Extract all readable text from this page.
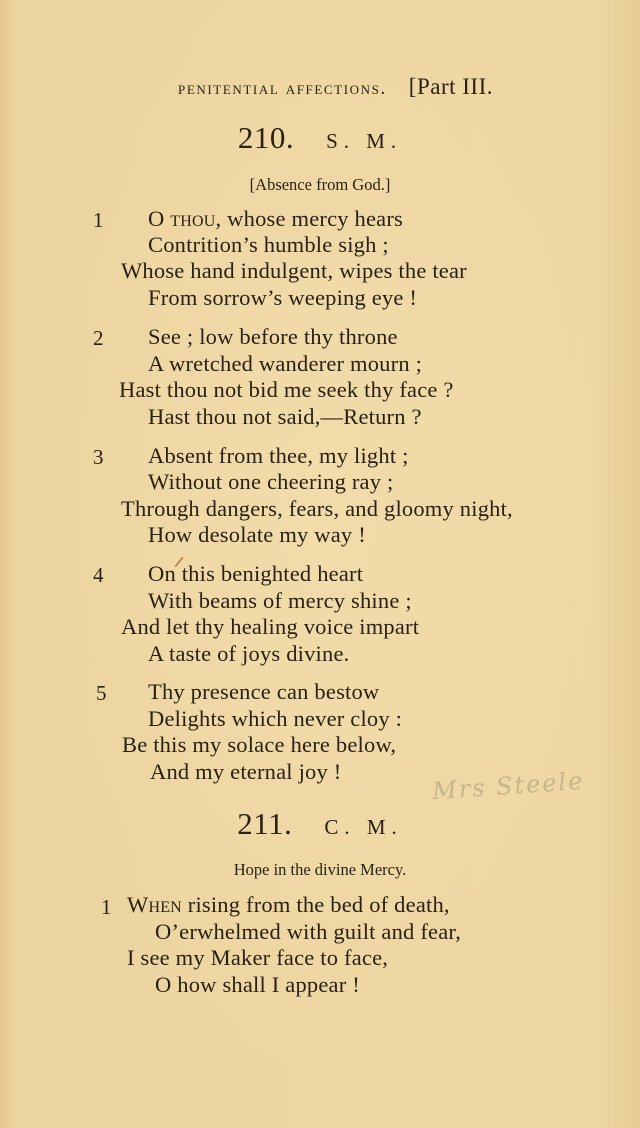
penitential affections. [Part III.
210. S. M.
[Absence from God.]
1 O thou, whose mercy hears
Contrition’s humble sigh ;
Whose hand indulgent, wipes the tear
From sorrow’s weeping eye !
2 See ; low before thy throne
A wretched wanderer mourn ;
Hast thou not bid me seek thy face ?
Hast thou not said,—Return ?
3 Absent from thee, my light ;
Without one cheering ray ;
Through dangers, fears, and gloomy night,
How desolate my way !
4 On this benighted heart
With beams of mercy shine ;
And let thy healing voice impart
A taste of joys divine.
5 Thy presence can bestow
Delights which never cloy :
Be this my solace here below,
And my eternal joy !	Mrs Steele
211. C. M.
Hope in the divine Mercy.
1 When rising from the bed of death,
O’erwhelmed with guilt and fear,
I see my Maker face to face,
O how shall I appear !
